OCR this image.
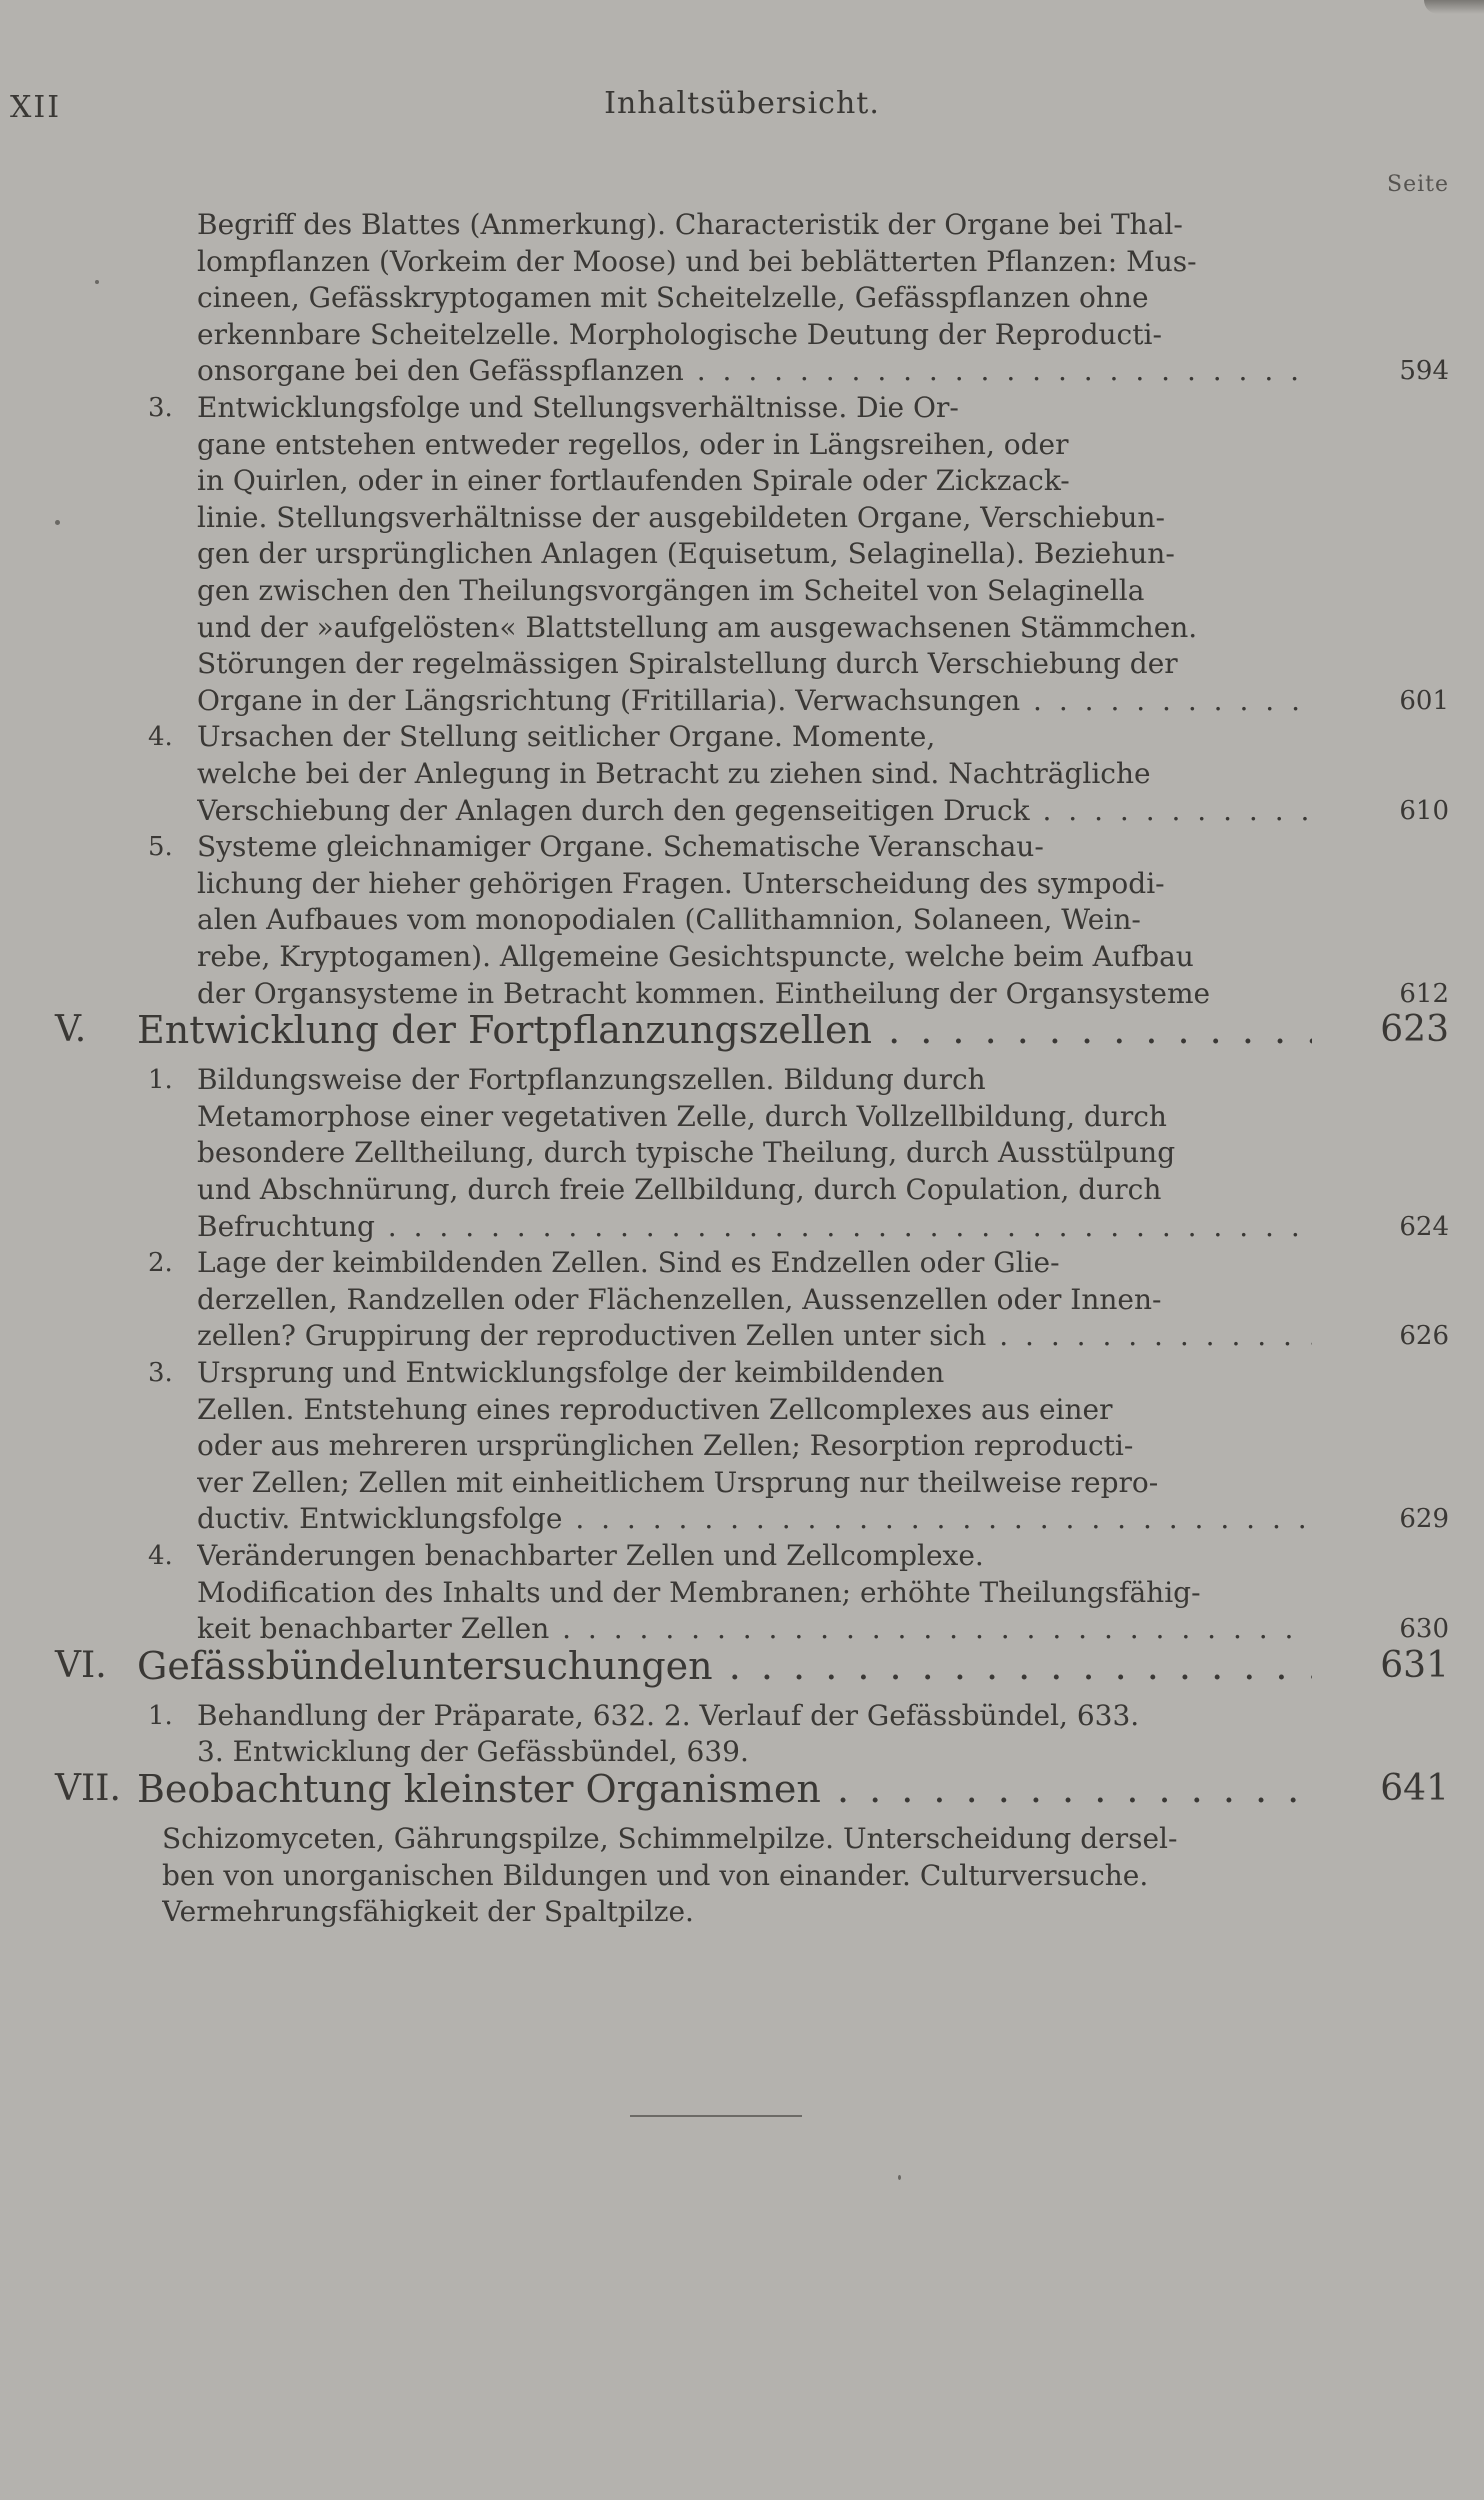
XII	Inhaltsübersicht.
Seite
Begriff des Blattes (Anmerkung). Characteristik der Organe bei Thal-
lompflanzen (Vorkeim der Moose) und bei beblätterten Pflanzen: Mus-
cineen, Gefässkryptogamen mit Scheitelzelle, Gefässpflanzen ohne
erkennbare Scheitelzelle. Morphologische Deutung der Reproducti-
onsorgane bei den Gefässpflanzen . . .	594
3. Entwicklungsfolge und Stellungsverhältnisse. Die Or-
gane entstehen entweder regellos, oder in Längsreihen, oder
in Quirlen, oder in einer fortlaufenden Spirale oder Zickzack-
linie. Stellungsverhältnisse der ausgebildeten Organe, Verschiebun-
gen der ursprünglichen Anlagen (Equisetum, Selaginella). Beziehun-
gen zwischen den Theilungsvorgängen im Scheitel von Selaginella
und der »aufgelösten« Blattstellung am ausgewachsenen Stämmchen.
Störungen der regelmässigen Spiralstellung durch Verschiebung der
Organe in der Längsrichtung (Fritillaria). Verwachsungen . . .	601
4. Ursachen der Stellung seitlicher Organe. Momente,
welche bei der Anlegung in Betracht zu ziehen sind. Nachträgliche
Verschiebung der Anlagen durch den gegenseitigen Druck . . .	610
5. Systeme gleichnamiger Organe. Schematische Veranschau-
lichung der hieher gehörigen Fragen. Unterscheidung des sympodi-
alen Aufbaues vom monopodialen (Callithamnion, Solaneen, Wein-
rebe, Kryptogamen). Allgemeine Gesichtspuncte, welche beim Aufbau
der Organsysteme in Betracht kommen. Eintheilung der Organsysteme	612
V. Entwicklung der Fortpflanzungszellen . . .	623
1. Bildungsweise der Fortpflanzungszellen. Bildung durch
Metamorphose einer vegetativen Zelle, durch Vollzellbildung, durch
besondere Zelltheilung, durch typische Theilung, durch Ausstülpung
und Abschnürung, durch freie Zellbildung, durch Copulation, durch
Befruchtung . . .	624
2. Lage der keimbildenden Zellen. Sind es Endzellen oder Glie-
derzellen, Randzellen oder Flächenzellen, Aussenzellen oder Innen-
zellen? Gruppirung der reproductiven Zellen unter sich . . .	626
3. Ursprung und Entwicklungsfolge der keimbildenden
Zellen. Entstehung eines reproductiven Zellcomplexes aus einer
oder aus mehreren ursprünglichen Zellen; Resorption reproducti-
ver Zellen; Zellen mit einheitlichem Ursprung nur theilweise repro-
ductiv. Entwicklungsfolge . . .	629
4. Veränderungen benachbarter Zellen und Zellcomplexe.
Modification des Inhalts und der Membranen; erhöhte Theilungsfähig-
keit benachbarter Zellen . . .	630
VI. Gefässbündeluntersuchungen . . .	631
1. Behandlung der Präparate, 632. 2. Verlauf der Gefässbündel, 633.
3. Entwicklung der Gefässbündel, 639.
VII. Beobachtung kleinster Organismen . . .	641
Schizomyceten, Gährungspilze, Schimmelpilze. Unterscheidung dersel-
ben von unorganischen Bildungen und von einander. Culturversuche.
Vermehrungsfähigkeit der Spaltpilze.
